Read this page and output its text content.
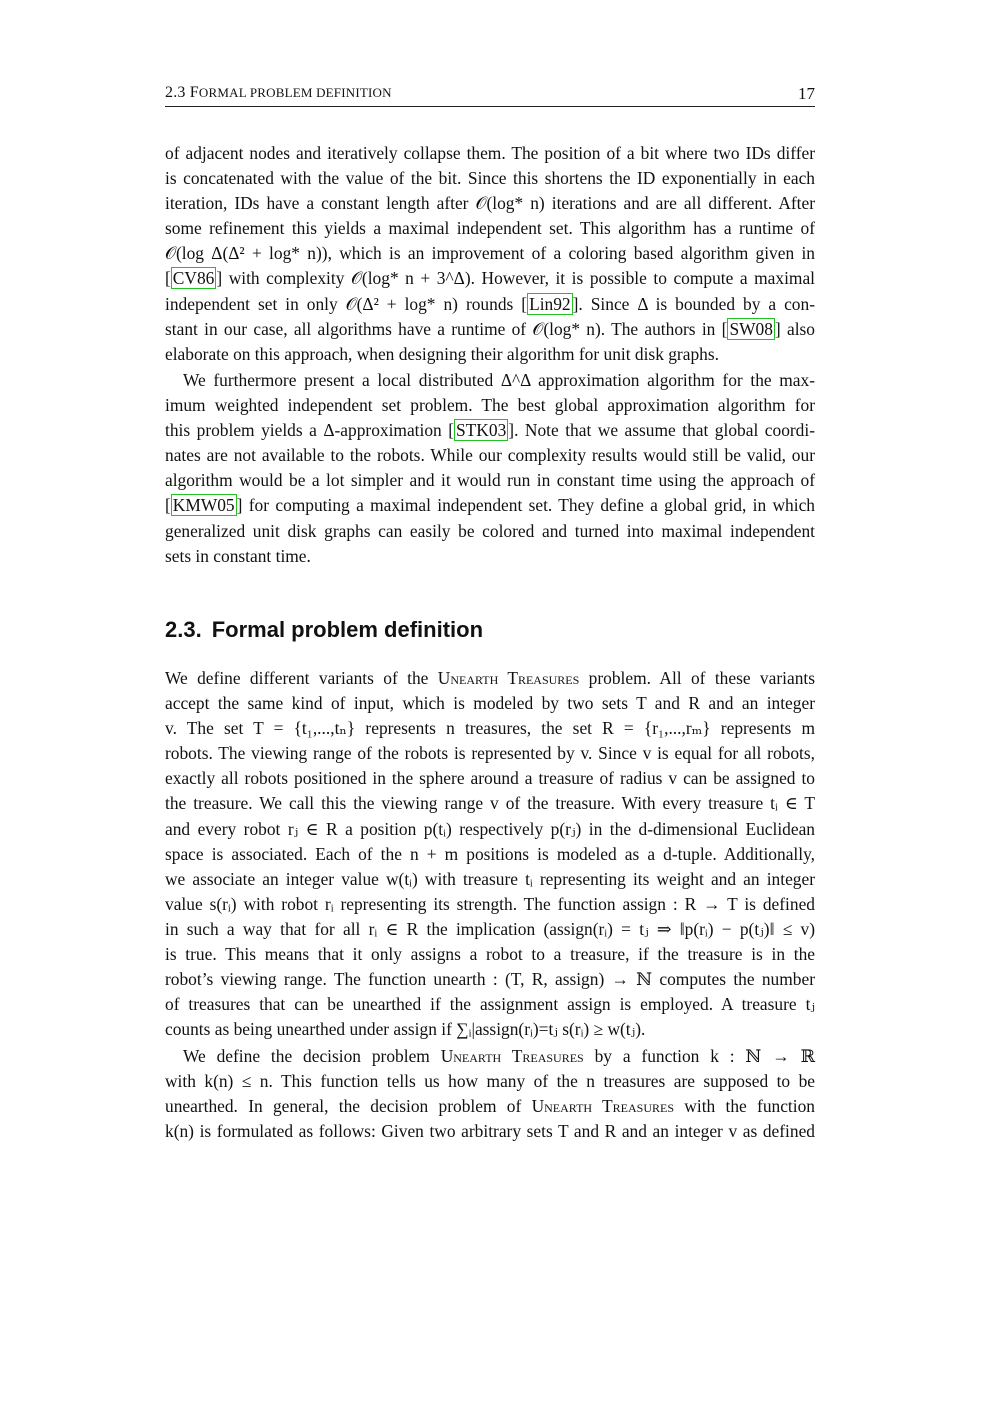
2.3 FORMAL PROBLEM DEFINITION	17
of adjacent nodes and iteratively collapse them. The position of a bit where two IDs differ
is concatenated with the value of the bit. Since this shortens the ID exponentially in each
iteration, IDs have a constant length after 𝒪(log* n) iterations and are all different. After
some refinement this yields a maximal independent set. This algorithm has a runtime of
𝒪(log Δ(Δ² + log* n)), which is an improvement of a coloring based algorithm given in
[ CV86 ] with complexity 𝒪(log* n + 3^Δ). However, it is possible to compute a maximal
independent set in only 𝒪(Δ² + log* n) rounds [ Lin92 ]. Since Δ is bounded by a con-
stant in our case, all algorithms have a runtime of 𝒪(log* n). The authors in [ SW08 ] also
elaborate on this approach, when designing their algorithm for unit disk graphs.
We furthermore present a local distributed Δ^Δ approximation algorithm for the max-
imum weighted independent set problem. The best global approximation algorithm for
this problem yields a Δ-approximation [ STK03 ]. Note that we assume that global coordi-
nates are not available to the robots. While our complexity results would still be valid, our
algorithm would be a lot simpler and it would run in constant time using the approach of
[ KMW05 ] for computing a maximal independent set. They define a global grid, in which
generalized unit disk graphs can easily be colored and turned into maximal independent
sets in constant time.
2.3. Formal problem definition
We define different variants of the Unearth Treasures problem. All of these variants
accept the same kind of input, which is modeled by two sets T and R and an integer
v. The set T = {t₁,...,tₙ} represents n treasures, the set R = {r₁,...,rₘ} represents m
robots. The viewing range of the robots is represented by v. Since v is equal for all robots,
exactly all robots positioned in the sphere around a treasure of radius v can be assigned to
the treasure. We call this the viewing range v of the treasure. With every treasure tᵢ ∈ T
and every robot rⱼ ∈ R a position p(tᵢ) respectively p(rⱼ) in the d-dimensional Euclidean
space is associated. Each of the n + m positions is modeled as a d-tuple. Additionally,
we associate an integer value w(tᵢ) with treasure tᵢ representing its weight and an integer
value s(rᵢ) with robot rᵢ representing its strength. The function assign : R → T is defined
in such a way that for all rᵢ ∈ R the implication (assign(rᵢ) = tⱼ ⇒ ‖p(rᵢ) − p(tⱼ)‖ ≤ v)
is true. This means that it only assigns a robot to a treasure, if the treasure is in the
robot’s viewing range. The function unearth : (T, R, assign) → ℕ computes the number
of treasures that can be unearthed if the assignment assign is employed. A treasure tⱼ
counts as being unearthed under assign if ∑ᵢ|assign(rᵢ)=tⱼ s(rᵢ) ≥ w(tⱼ).
We define the decision problem Unearth Treasures by a function k : ℕ → ℝ
with k(n) ≤ n. This function tells us how many of the n treasures are supposed to be
unearthed. In general, the decision problem of Unearth Treasures with the function
k(n) is formulated as follows: Given two arbitrary sets T and R and an integer v as defined
